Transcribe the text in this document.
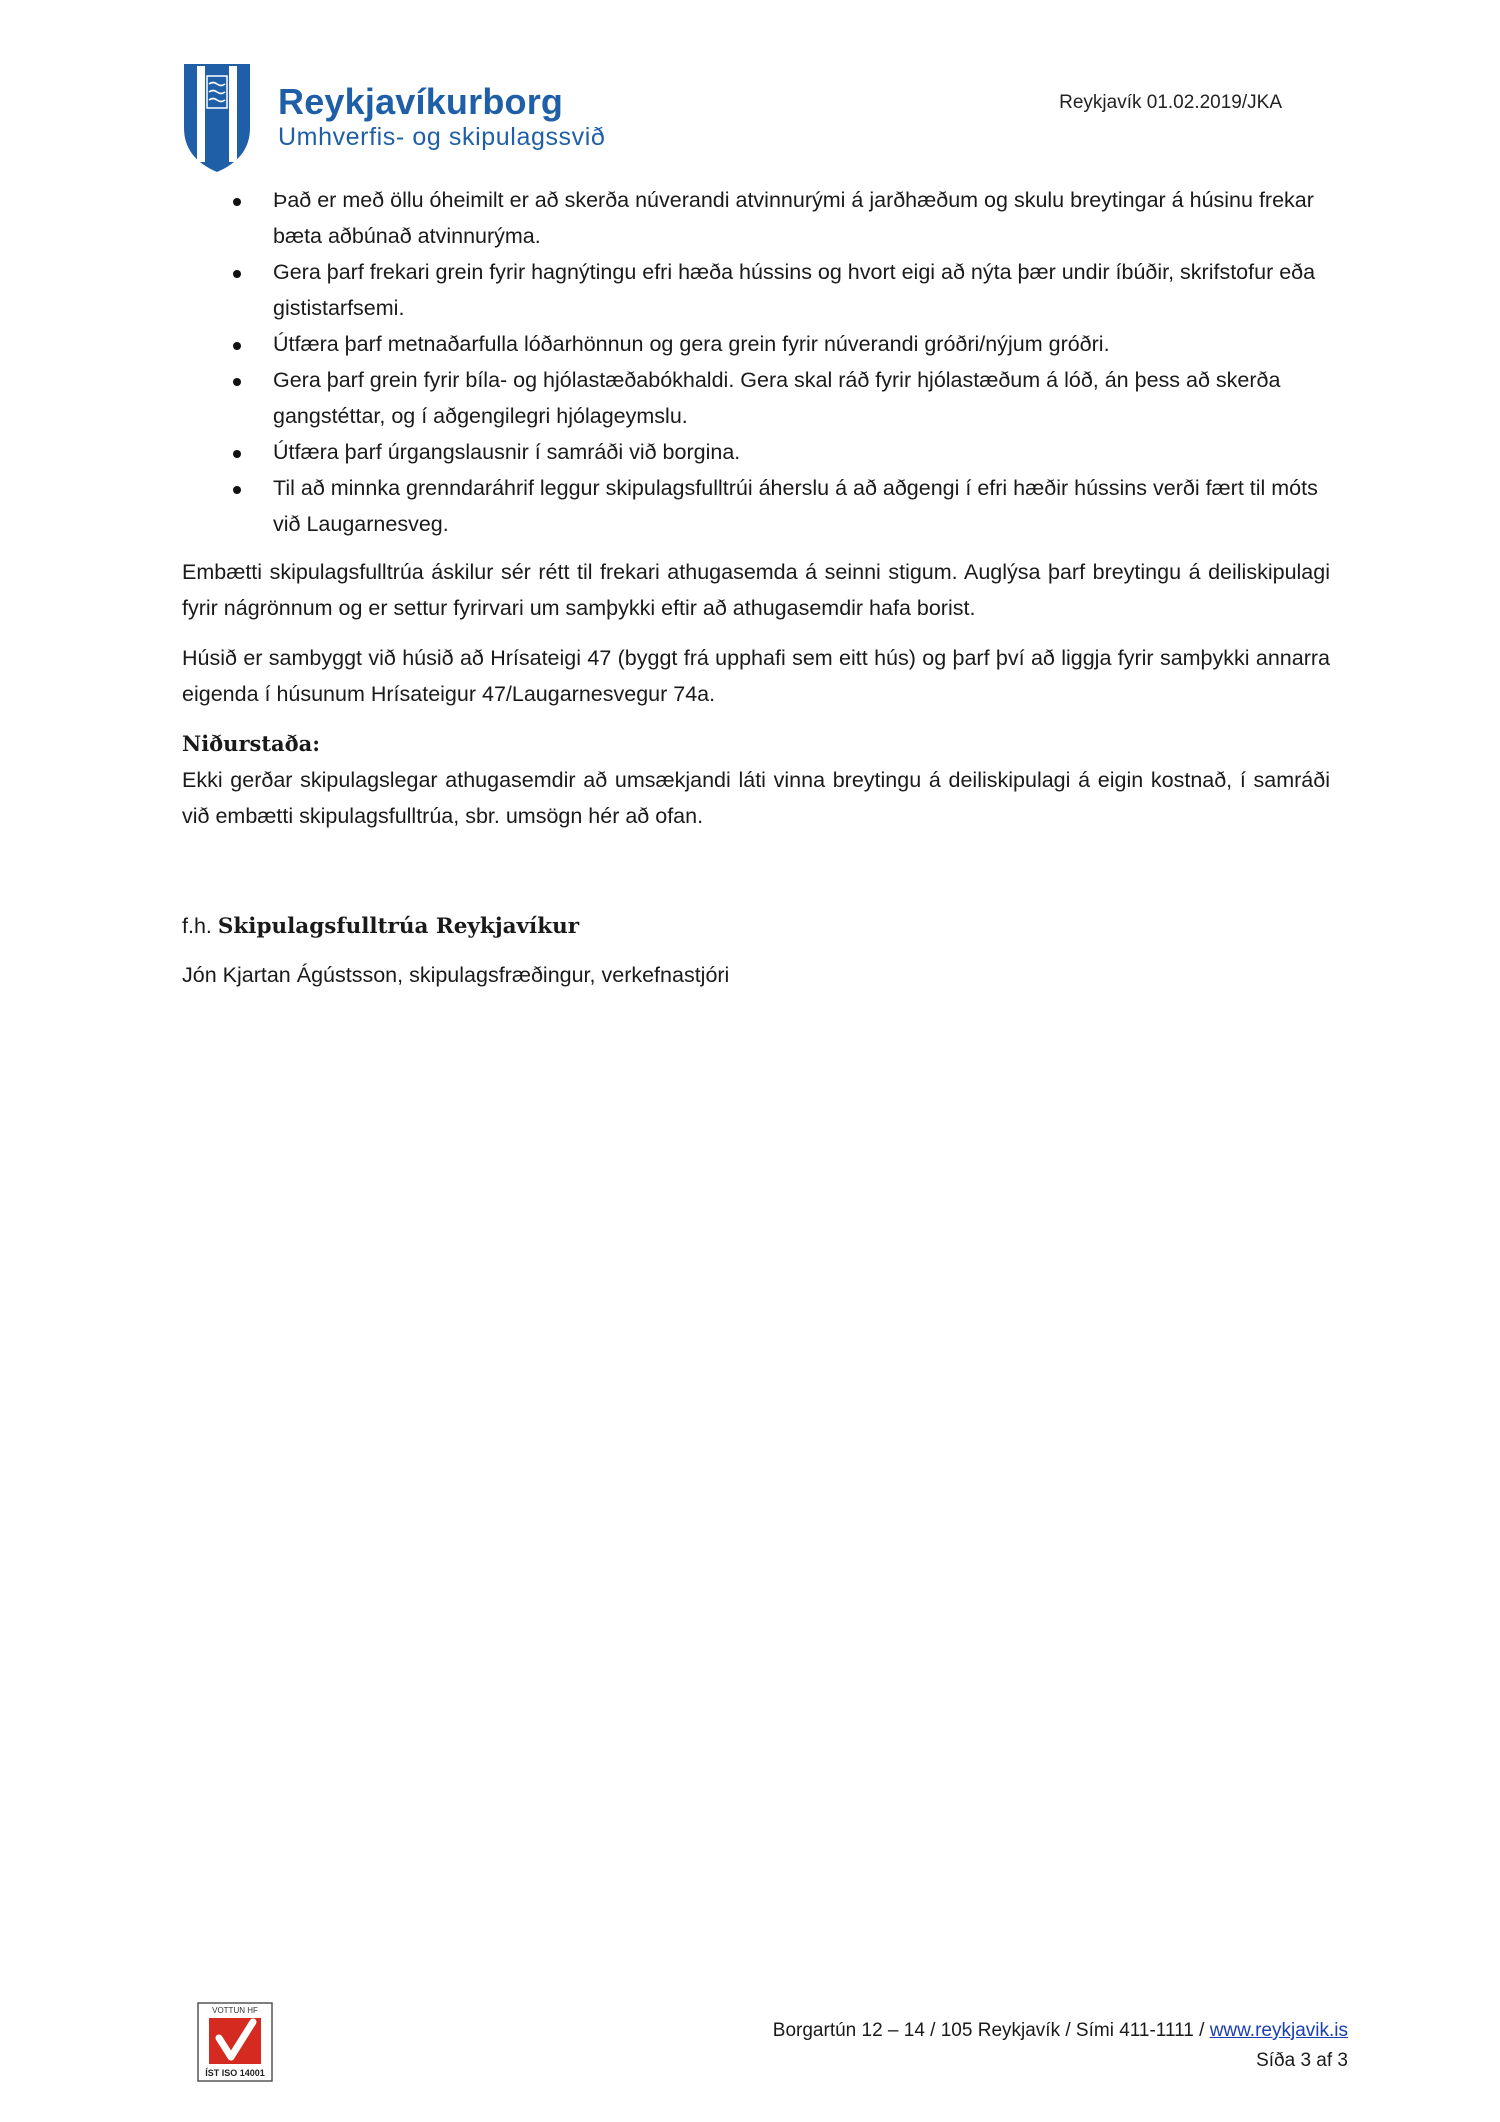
Reykjavíkurborg
Umhverfis- og skipulagssvið
Reykjavík 01.02.2019/JKA
Það er með öllu óheimilt er að skerða núverandi atvinnurými á jarðhæðum og skulu breytingar á húsinu frekar bæta aðbúnað atvinnurýma.
Gera þarf frekari grein fyrir hagnýtingu efri hæða hússins og hvort eigi að nýta þær undir íbúðir, skrifstofur eða gististarfsemi.
Útfæra þarf metnaðarfulla lóðarhönnun og gera grein fyrir núverandi gróðri/nýjum gróðri.
Gera þarf grein fyrir bíla- og hjólastæðabókhaldi. Gera skal ráð fyrir hjólastæðum á lóð, án þess að skerða gangstéttar, og í aðgengilegri hjólageymslu.
Útfæra þarf úrgangslausnir í samráði við borgina.
Til að minnka grenndaráhrif leggur skipulagsfulltrúi áherslu á að aðgengi í efri hæðir hússins verði fært til móts við Laugarnesveg.

Embætti skipulagsfulltrúa áskilur sér rétt til frekari athugasemda á seinni stigum. Auglýsa þarf breytingu á deiliskipulagi fyrir nágrönnum og er settur fyrirvari um samþykki eftir að athugasemdir hafa borist.

Húsið er sambyggt við húsið að Hrísateigi 47 (byggt frá upphafi sem eitt hús) og þarf því að liggja fyrir samþykki annarra eigenda í húsunum Hrísateigur 47/Laugarnesvegur 74a.

Niðurstaða:

Ekki gerðar skipulagslegar athugasemdir að umsækjandi láti vinna breytingu á deiliskipulagi á eigin kostnað, í samráði við embætti skipulagsfulltrúa, sbr. umsögn hér að ofan.

f.h. Skipulagsfulltrúa Reykjavíkur
Jón Kjartan Ágústsson, skipulagsfræðingur, verkefnastjóri
VOTTUN HF
ÍST ISO 14001
Borgartún 12 – 14 / 105 Reykjavík / Sími 411-1111 / www.reykjavik.is
Síða 3 af 3
